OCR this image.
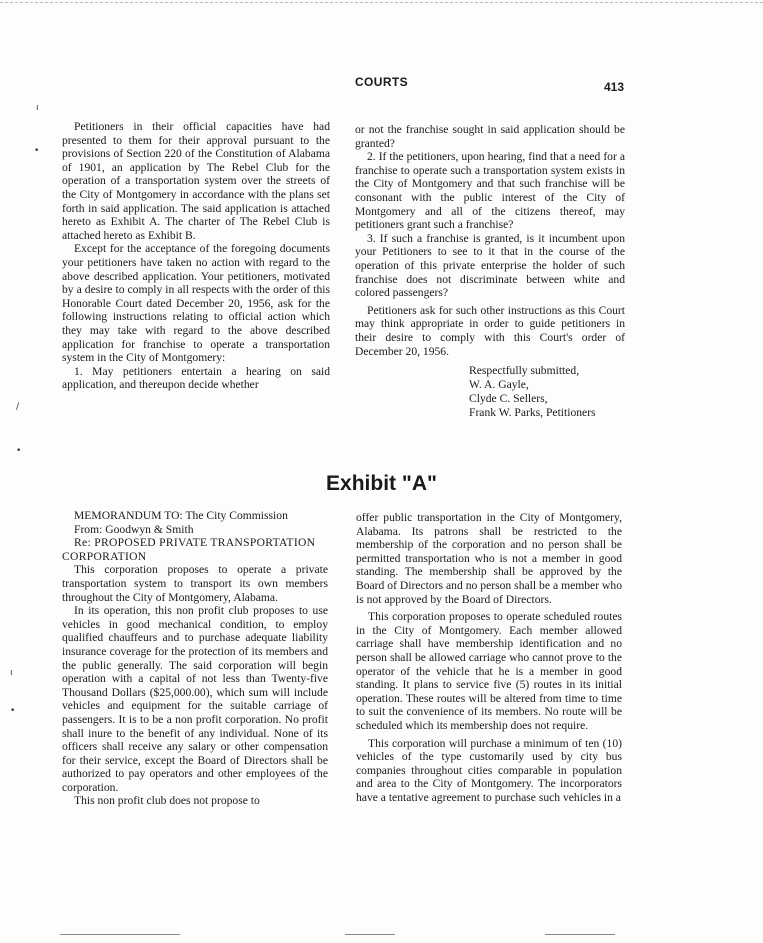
COURTS	413
ı
•
/
•
ı
•

Petitioners in their official capacities have had presented to them for their approval pursuant to the provisions of Section 220 of the Constitution of Alabama of 1901, an application by The Rebel Club for the operation of a transportation system over the streets of the City of Montgomery in accordance with the plans set forth in said application. The said application is attached hereto as Exhibit A. The charter of The Rebel Club is attached hereto as Exhibit B.

Except for the acceptance of the foregoing documents your petitioners have taken no action with regard to the above described application. Your petitioners, motivated by a desire to comply in all respects with the order of this Honorable Court dated December 20, 1956, ask for the following instructions relating to official action which they may take with regard to the above described application for franchise to operate a transportation system in the City of Montgomery:

1. May petitioners entertain a hearing on said application, and thereupon decide whether

or not the franchise sought in said application should be granted?

2. If the petitioners, upon hearing, find that a need for a franchise to operate such a transportation system exists in the City of Montgomery and that such franchise will be consonant with the public interest of the City of Montgomery and all of the citizens thereof, may petitioners grant such a franchise?

3. If such a franchise is granted, is it incumbent upon your Petitioners to see to it that in the course of the operation of this private enterprise the holder of such franchise does not discriminate between white and colored passengers?

Petitioners ask for such other instructions as this Court may think appropriate in order to guide petitioners in their desire to comply with this Court's order of December 20, 1956.

Respectfully submitted,
W. A. Gayle,
Clyde C. Sellers,
Frank W. Parks, Petitioners
Exhibit "A"

MEMORANDUM TO: The City Commission

From: Goodwyn & Smith

Re: PROPOSED PRIVATE TRANSPORTATION CORPORATION

This corporation proposes to operate a private transportation system to transport its own members throughout the City of Montgomery, Alabama.

In its operation, this non profit club proposes to use vehicles in good mechanical condition, to employ qualified chauffeurs and to purchase adequate liability insurance coverage for the protection of its members and the public generally. The said corporation will begin operation with a capital of not less than Twenty-five Thousand Dollars ($25,000.00), which sum will include vehicles and equipment for the suitable carriage of passengers. It is to be a non profit corporation. No profit shall inure to the benefit of any individual. None of its officers shall receive any salary or other compensation for their service, except the Board of Directors shall be authorized to pay operators and other employees of the corporation.

This non profit club does not propose to

offer public transportation in the City of Montgomery, Alabama. Its patrons shall be restricted to the membership of the corporation and no person shall be permitted transportation who is not a member in good standing. The membership shall be approved by the Board of Directors and no person shall be a member who is not approved by the Board of Directors.

This corporation proposes to operate scheduled routes in the City of Montgomery. Each member allowed carriage shall have membership identification and no person shall be allowed carriage who cannot prove to the operator of the vehicle that he is a member in good standing. It plans to service five (5) routes in its initial operation. These routes will be altered from time to time to suit the convenience of its members. No route will be scheduled which its membership does not require.

This corporation will purchase a minimum of ten (10) vehicles of the type customarily used by city bus companies throughout cities comparable in population and area to the City of Montgomery. The incorporators have a tentative agreement to purchase such vehicles in a
